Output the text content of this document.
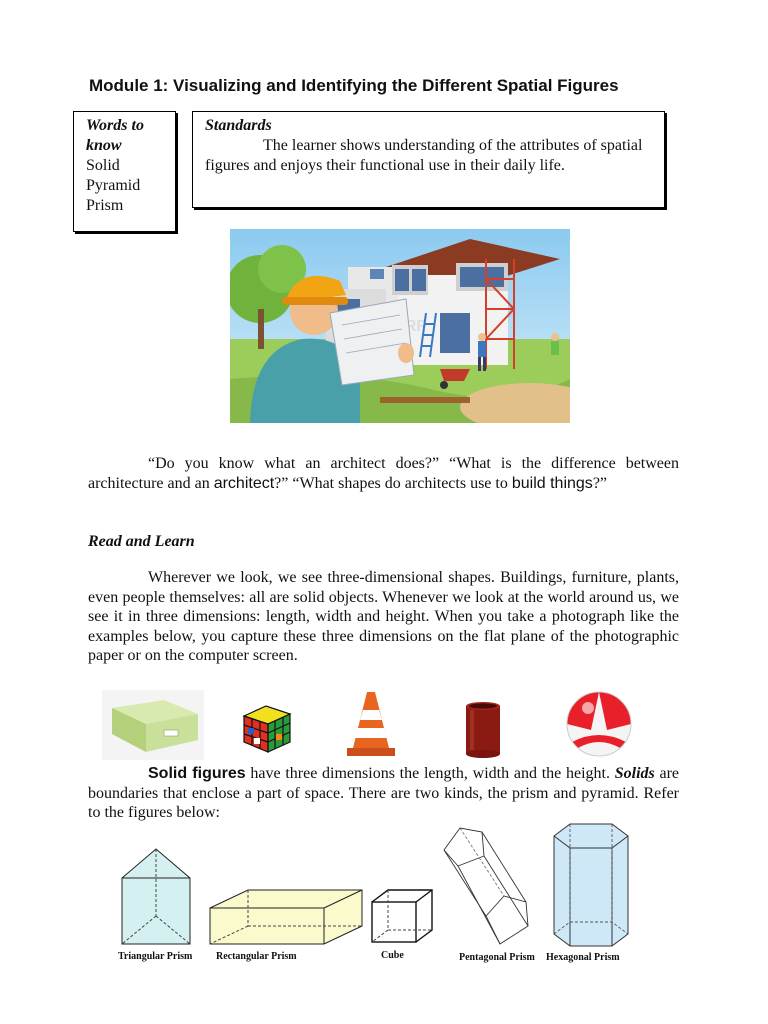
Module 1: Visualizing and Identifying the Different Spatial Figures
Words to
know
Solid
Pyramid
Prism
Standards
The learner shows understanding of the attributes of spatial figures and enjoys their functional use in their daily life.
“Do you know what an architect does?” “What is the difference between architecture and an architect?” “What shapes do architects use to build things?”
Read and Learn
Wherever we look, we see three-dimensional shapes. Buildings, furniture, plants, even people themselves: all are solid objects. Whenever we look at the world around us, we see it in three dimensions: length, width and height. When you take a photograph like the examples below, you capture these three dimensions on the flat plane of the photographic paper or on the computer screen.
Solid figures have three dimensions the length, width and the height. Solids are boundaries that enclose a part of space. There are two kinds, the prism and pyramid. Refer to the figures below:
Triangular Prism Rectangular Prism	Cube	Pentagonal Prism Hexagonal Prism
